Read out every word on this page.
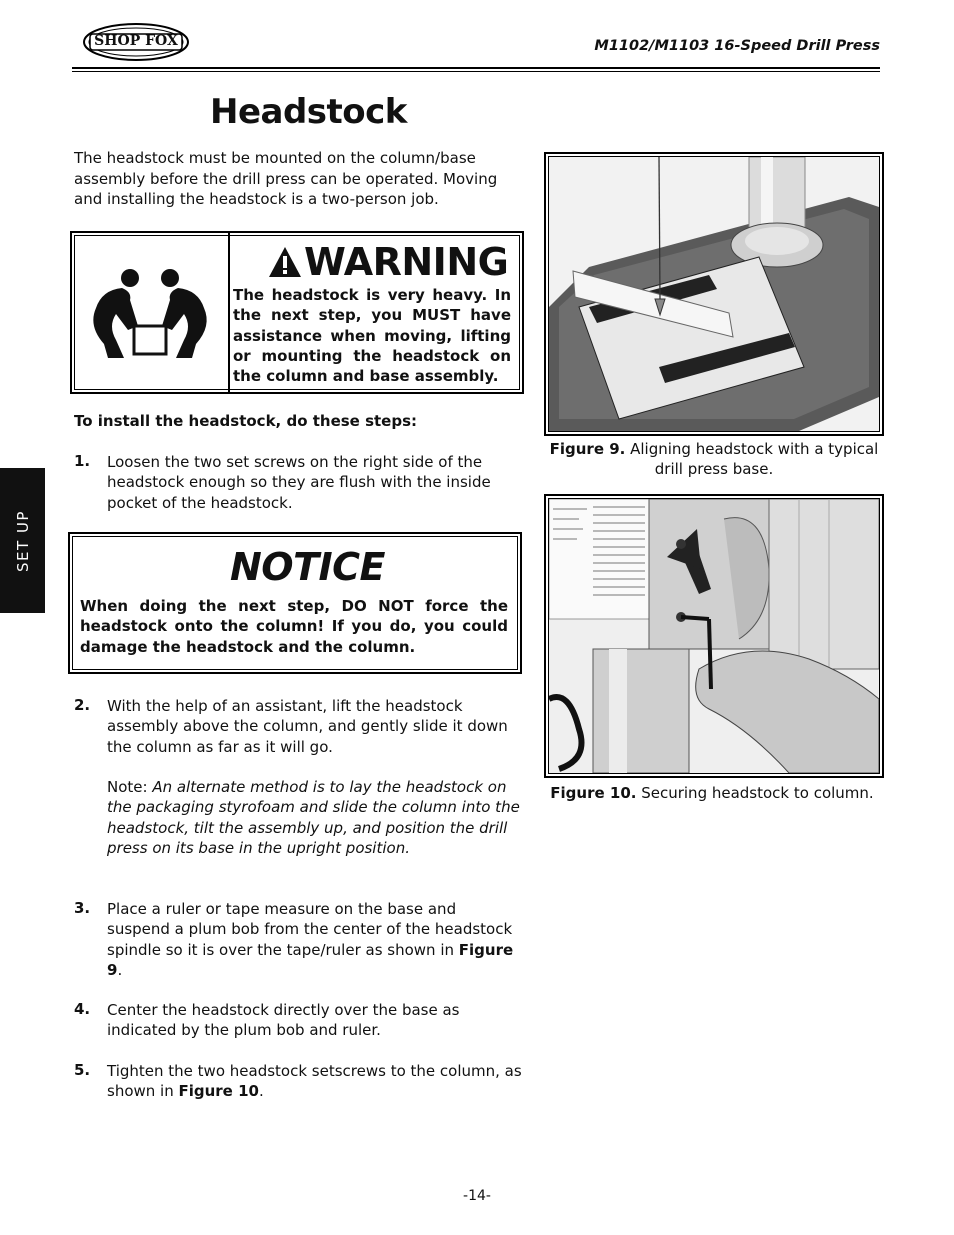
SHOP FOX	M1102/M1103 16-Speed Drill Press
Headstock
The headstock must be mounted on the column/base assembly before the drill press can be operated. Moving and installing the headstock is a two-person job.
WARNING
The headstock is very heavy. In the next step, you MUST have assistance when moving, lifting or mounting the headstock on the column and base assembly.
To install the headstock, do these steps:
1. Loosen the two set screws on the right side of the headstock enough so they are flush with the inside pocket of the headstock.
NOTICE
When doing the next step, DO NOT force the headstock onto the column! If you do, you could damage the headstock and the column.
2. With the help of an assistant, lift the headstock assembly above the column, and gently slide it down the column as far as it will go.
Note: An alternate method is to lay the headstock on the packaging styrofoam and slide the column into the headstock, tilt the assembly up, and position the drill press on its base in the upright position.
3. Place a ruler or tape measure on the base and suspend a plum bob from the center of the headstock spindle so it is over the tape/ruler as shown in Figure 9.
4. Center the headstock directly over the base as indicated by the plum bob and ruler.
5. Tighten the two headstock setscrews to the column, as shown in Figure 10.
Figure 9. Aligning headstock with a typical drill press base.
Figure 10. Securing headstock to column.
SET UP
-14-
